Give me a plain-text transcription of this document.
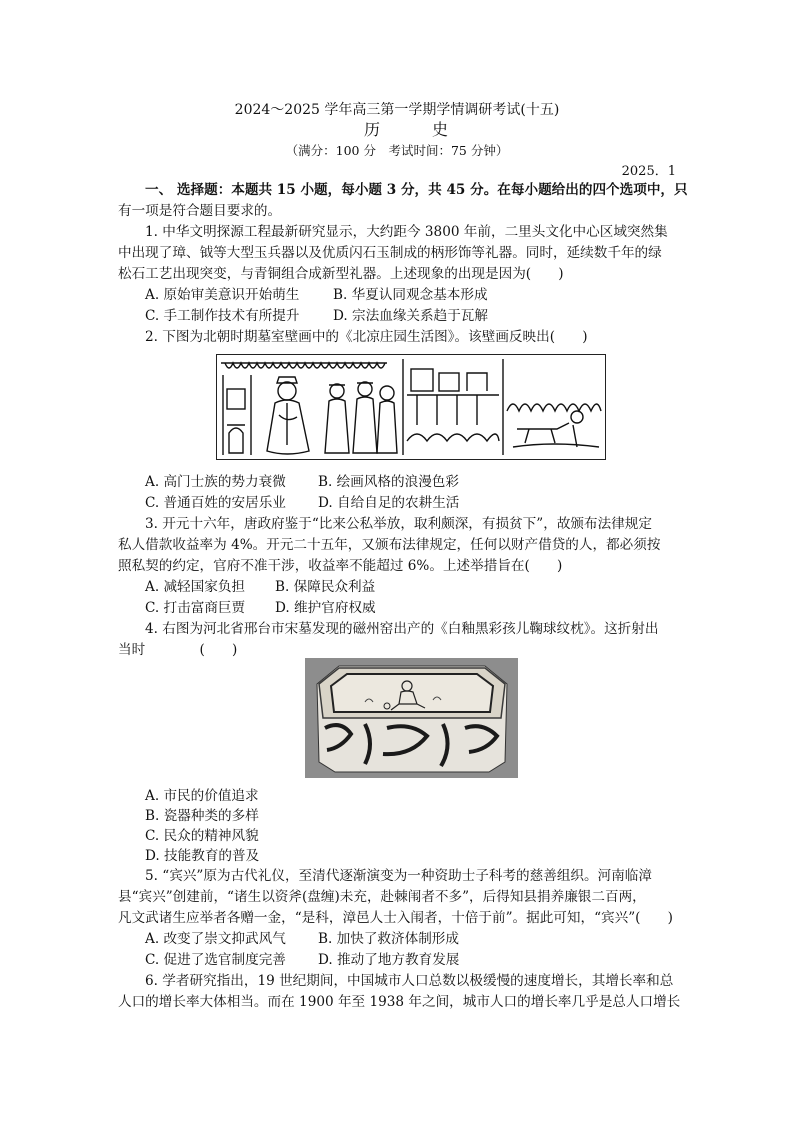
2024～2025 学年高三第一学期学情调研考试(十五)
历　史
（满分：100 分　考试时间：75 分钟）
2025．1
一、 选择题：本题共 15 小题，每小题 3 分，共 45 分。在每小题给出的四个选项中，只
有一项是符合题目要求的。
1. 中华文明探源工程最新研究显示，大约距今 3800 年前，二里头文化中心区域突然集
中出现了璋、钺等大型玉兵器以及优质闪石玉制成的柄形饰等礼器。同时，延续数千年的绿
松石工艺出现突变，与青铜组合成新型礼器。上述现象的出现是因为(　　)
A. 原始审美意识开始萌生 B. 华夏认同观念基本形成
C. 手工制作技术有所提升 D. 宗法血缘关系趋于瓦解
2. 下图为北朝时期墓室壁画中的《北凉庄园生活图》。该壁画反映出(　　)
A. 高门士族的势力衰微 B. 绘画风格的浪漫色彩
C. 普通百姓的安居乐业 D. 自给自足的农耕生活
3. 开元十六年，唐政府鉴于“比来公私举放，取利颇深，有损贫下”，故颁布法律规定
私人借款收益率为 4%。开元二十五年，又颁布法律规定，任何以财产借贷的人，都必须按
照私契的约定，官府不准干涉，收益率不能超过 6%。上述举措旨在(　　)
A. 减轻国家负担 B. 保障民众利益
C. 打击富商巨贾 D. 维护官府权威
4. 右图为河北省邢台市宋墓发现的磁州窑出产的《白釉黑彩孩儿鞠球纹枕》。这折射出
当时　　　　(　　)
A. 市民的价值追求
B. 瓷器种类的多样
C. 民众的精神风貌
D. 技能教育的普及
5. “宾兴”原为古代礼仪，至清代逐渐演变为一种资助士子科考的慈善组织。河南临漳
县“宾兴”创建前，“诸生以资斧(盘缠)未充，赴棘闱者不多”，后得知县捐养廉银二百两，
凡文武诸生应举者各赠一金，“是科，漳邑人士入闱者，十倍于前”。据此可知，“宾兴”(　　)
A. 改变了崇文抑武风气 B. 加快了救济体制形成
C. 促进了选官制度完善 D. 推动了地方教育发展
6. 学者研究指出，19 世纪期间，中国城市人口总数以极缓慢的速度增长，其增长率和总
人口的增长率大体相当。而在 1900 年至 1938 年之间，城市人口的增长率几乎是总人口增长
